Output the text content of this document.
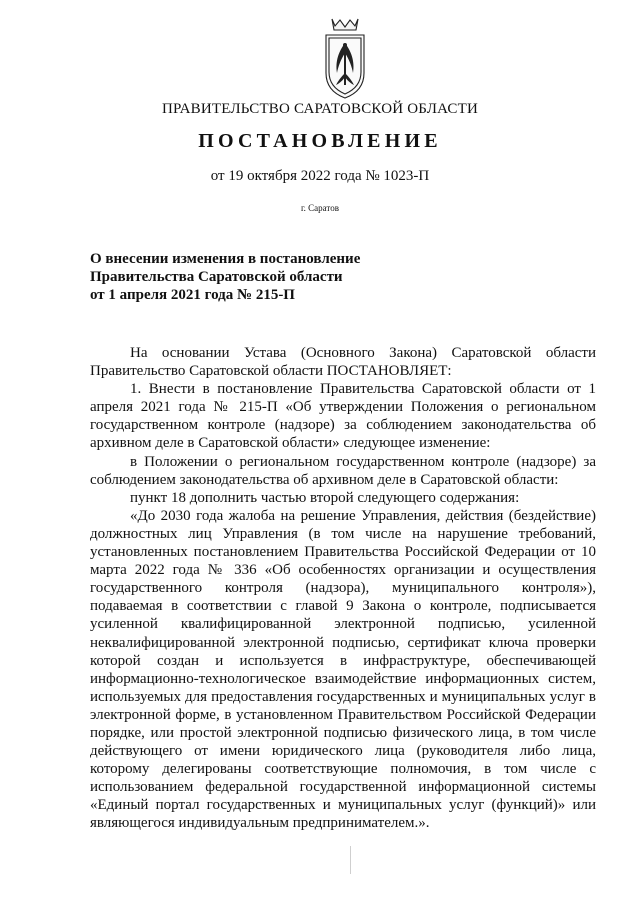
ПРАВИТЕЛЬСТВО САРАТОВСКОЙ ОБЛАСТИ
ПОСТАНОВЛЕНИЕ
от 19 октября 2022 года № 1023-П
г. Саратов
О внесении изменения в постановление
Правительства Саратовской области
от 1 апреля 2021 года № 215-П

На основании Устава (Основного Закона) Саратовской области Правительство Саратовской области ПОСТАНОВЛЯЕТ:

1. Внести в постановление Правительства Саратовской области от 1 апреля 2021 года № 215-П «Об утверждении Положения о региональном государственном контроле (надзоре) за соблюдением законодательства об архивном деле в Саратовской области» следующее изменение:

в Положении о региональном государственном контроле (надзоре) за соблюдением законодательства об архивном деле в Саратовской области:

пункт 18 дополнить частью второй следующего содержания:

«До 2030 года жалоба на решение Управления, действия (бездействие) должностных лиц Управления (в том числе на нарушение требований, установленных постановлением Правительства Российской Федерации от 10 марта 2022 года № 336 «Об особенностях организации и осуществления государственного контроля (надзора), муниципального контроля»), подаваемая в соответствии с главой 9 Закона о контроле, подписывается усиленной квалифицированной электронной подписью, усиленной неквалифицированной электронной подписью, сертификат ключа проверки которой создан и используется в инфраструктуре, обеспечивающей информационно-технологическое взаимодействие информационных систем, используемых для предоставления государственных и муниципальных услуг в электронной форме, в установленном Правительством Российской Федерации порядке, или простой электронной подписью физического лица, в том числе действующего от имени юридического лица (руководителя либо лица, которому делегированы соответствующие полномочия, в том числе с использованием федеральной государственной информационной системы «Единый портал государственных и муниципальных услуг (функций)» или являющегося индивидуальным предпринимателем.».
